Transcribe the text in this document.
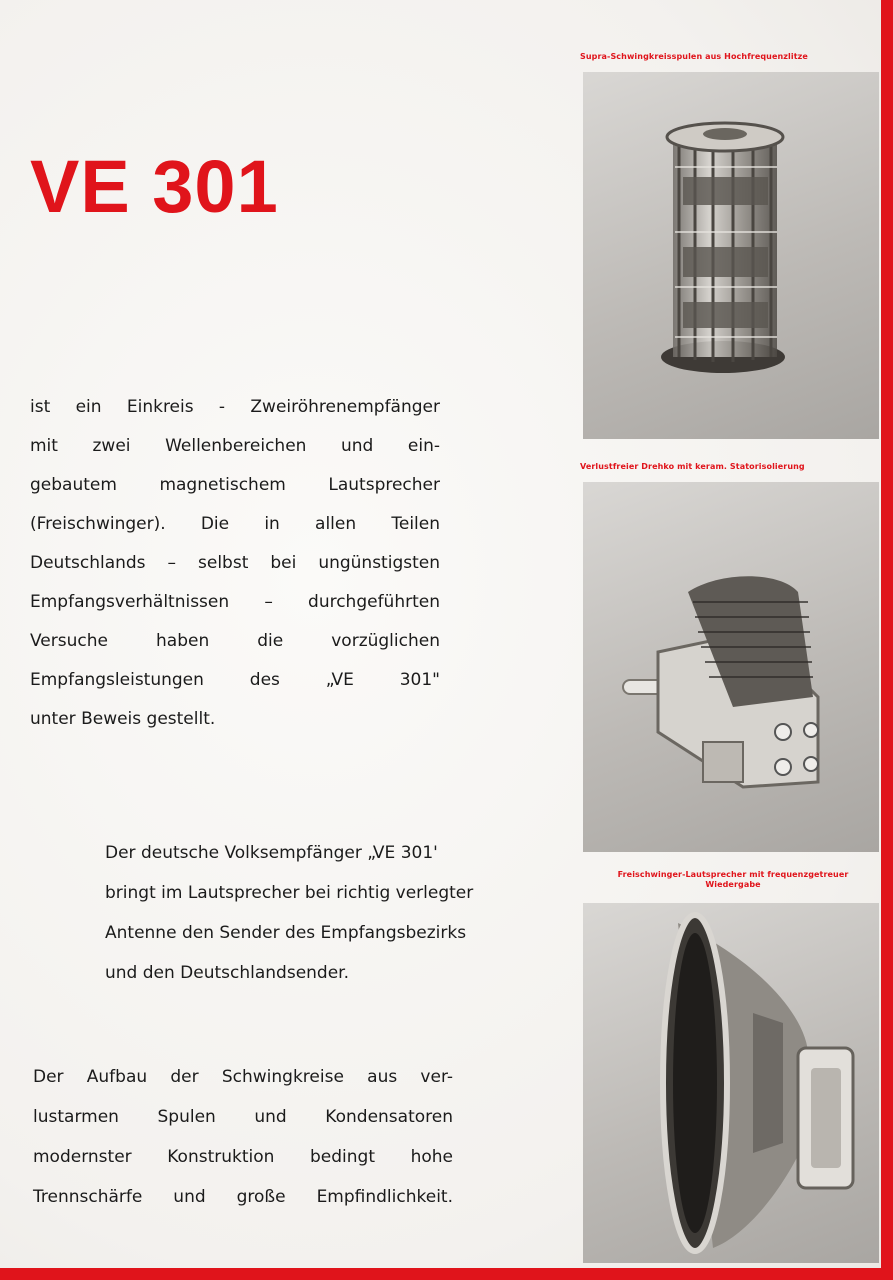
VE 301
ist ein Einkreis - Zweiröhrenempfänger
mit zwei Wellenbereichen und ein-
gebautem magnetischem Lautsprecher
(Freischwinger). Die in allen Teilen
Deutschlands – selbst bei ungünstigsten
Empfangsverhältnissen – durchgeführten
Versuche haben die vorzüglichen
Empfangsleistungen des „VE 301"
unter Beweis gestellt.
Der deutsche Volksempfänger „VE 301'
bringt im Lautsprecher bei richtig verlegter
Antenne den Sender des Empfangsbezirks
und den Deutschlandsender.
Der Aufbau der Schwingkreise aus ver-
lustarmen Spulen und Kondensatoren
modernster Konstruktion bedingt hohe
Trennschärfe und große Empfindlichkeit.
Supra-Schwingkreisspulen aus Hochfrequenzlitze
Verlustfreier Drehko mit keram. Statorisolierung
Freischwinger-Lautsprecher mit frequenzgetreuer
Wiedergabe
